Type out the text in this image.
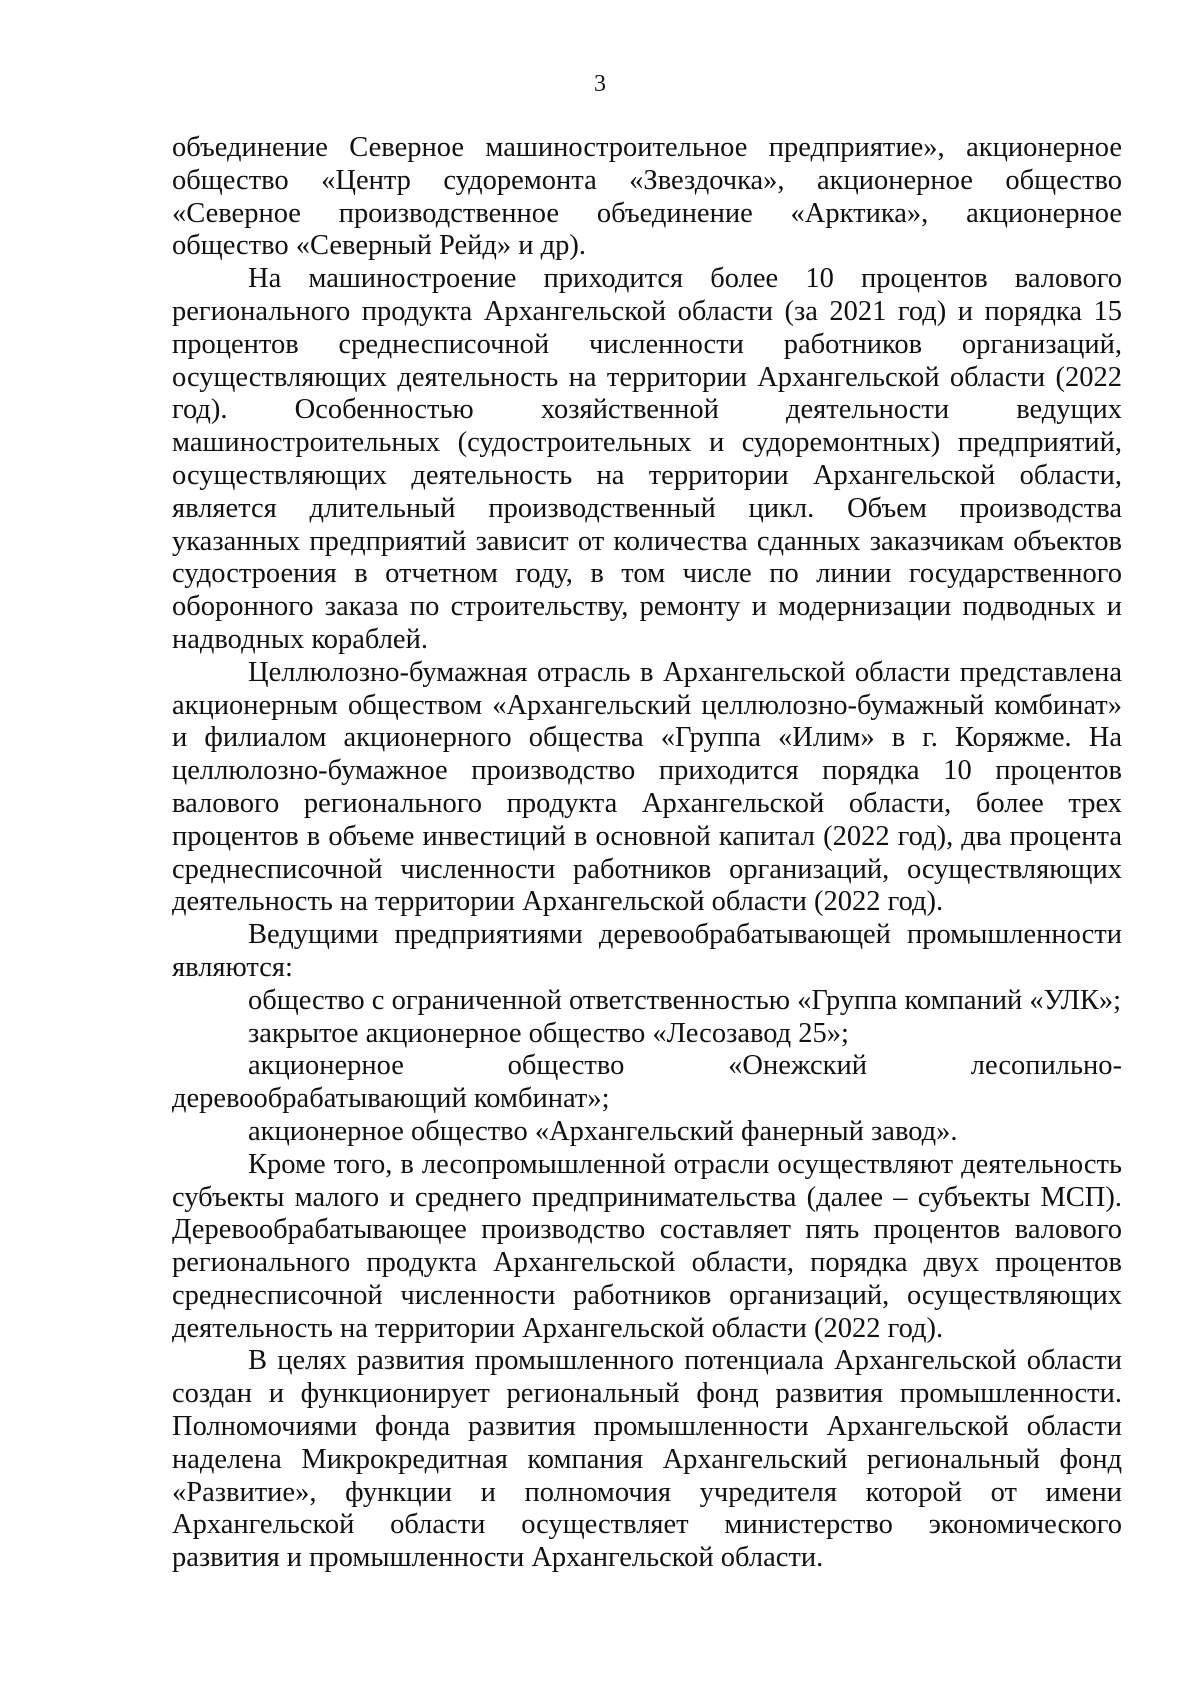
3

объединение Северное машиностроительное предприятие», акционерное общество «Центр судоремонта «Звездочка», акционерное общество «Северное производственное объединение «Арктика», акционерное общество «Северный Рейд» и др).

На машиностроение приходится более 10 процентов валового регионального продукта Архангельской области (за 2021 год) и порядка 15 процентов среднесписочной численности работников организаций, осуществляющих деятельность на территории Архангельской области (2022 год). Особенностью хозяйственной деятельности ведущих машиностроительных (судостроительных и судоремонтных) предприятий, осуществляющих деятельность на территории Архангельской области, является длительный производственный цикл. Объем производства указанных предприятий зависит от количества сданных заказчикам объектов судостроения в отчетном году, в том числе по линии государственного оборонного заказа по строительству, ремонту и модернизации подводных и надводных кораблей.

Целлюлозно-бумажная отрасль в Архангельской области представлена акционерным обществом «Архангельский целлюлозно-бумажный комбинат» и филиалом акционерного общества «Группа «Илим» в г. Коряжме. На целлюлозно-бумажное производство приходится порядка 10 процентов валового регионального продукта Архангельской области, более трех процентов в объеме инвестиций в основной капитал (2022 год), два процента среднесписочной численности работников организаций, осуществляющих деятельность на территории Архангельской области (2022 год).

Ведущими предприятиями деревообрабатывающей промышленности являются:

общество с ограниченной ответственностью «Группа компаний «УЛК»;

закрытое акционерное общество «Лесозавод 25»;

акционерное общество «Онежский лесопильно-деревообрабатывающий комбинат»;

акционерное общество «Архангельский фанерный завод».

Кроме того, в лесопромышленной отрасли осуществляют деятельность субъекты малого и среднего предпринимательства (далее – субъекты МСП). Деревообрабатывающее производство составляет пять процентов валового регионального продукта Архангельской области, порядка двух процентов среднесписочной численности работников организаций, осуществляющих деятельность на территории Архангельской области (2022 год).

В целях развития промышленного потенциала Архангельской области создан и функционирует региональный фонд развития промышленности. Полномочиями фонда развития промышленности Архангельской области наделена Микрокредитная компания Архангельский региональный фонд «Развитие», функции и полномочия учредителя которой от имени Архангельской области осуществляет министерство экономического развития и промышленности Архангельской области.
